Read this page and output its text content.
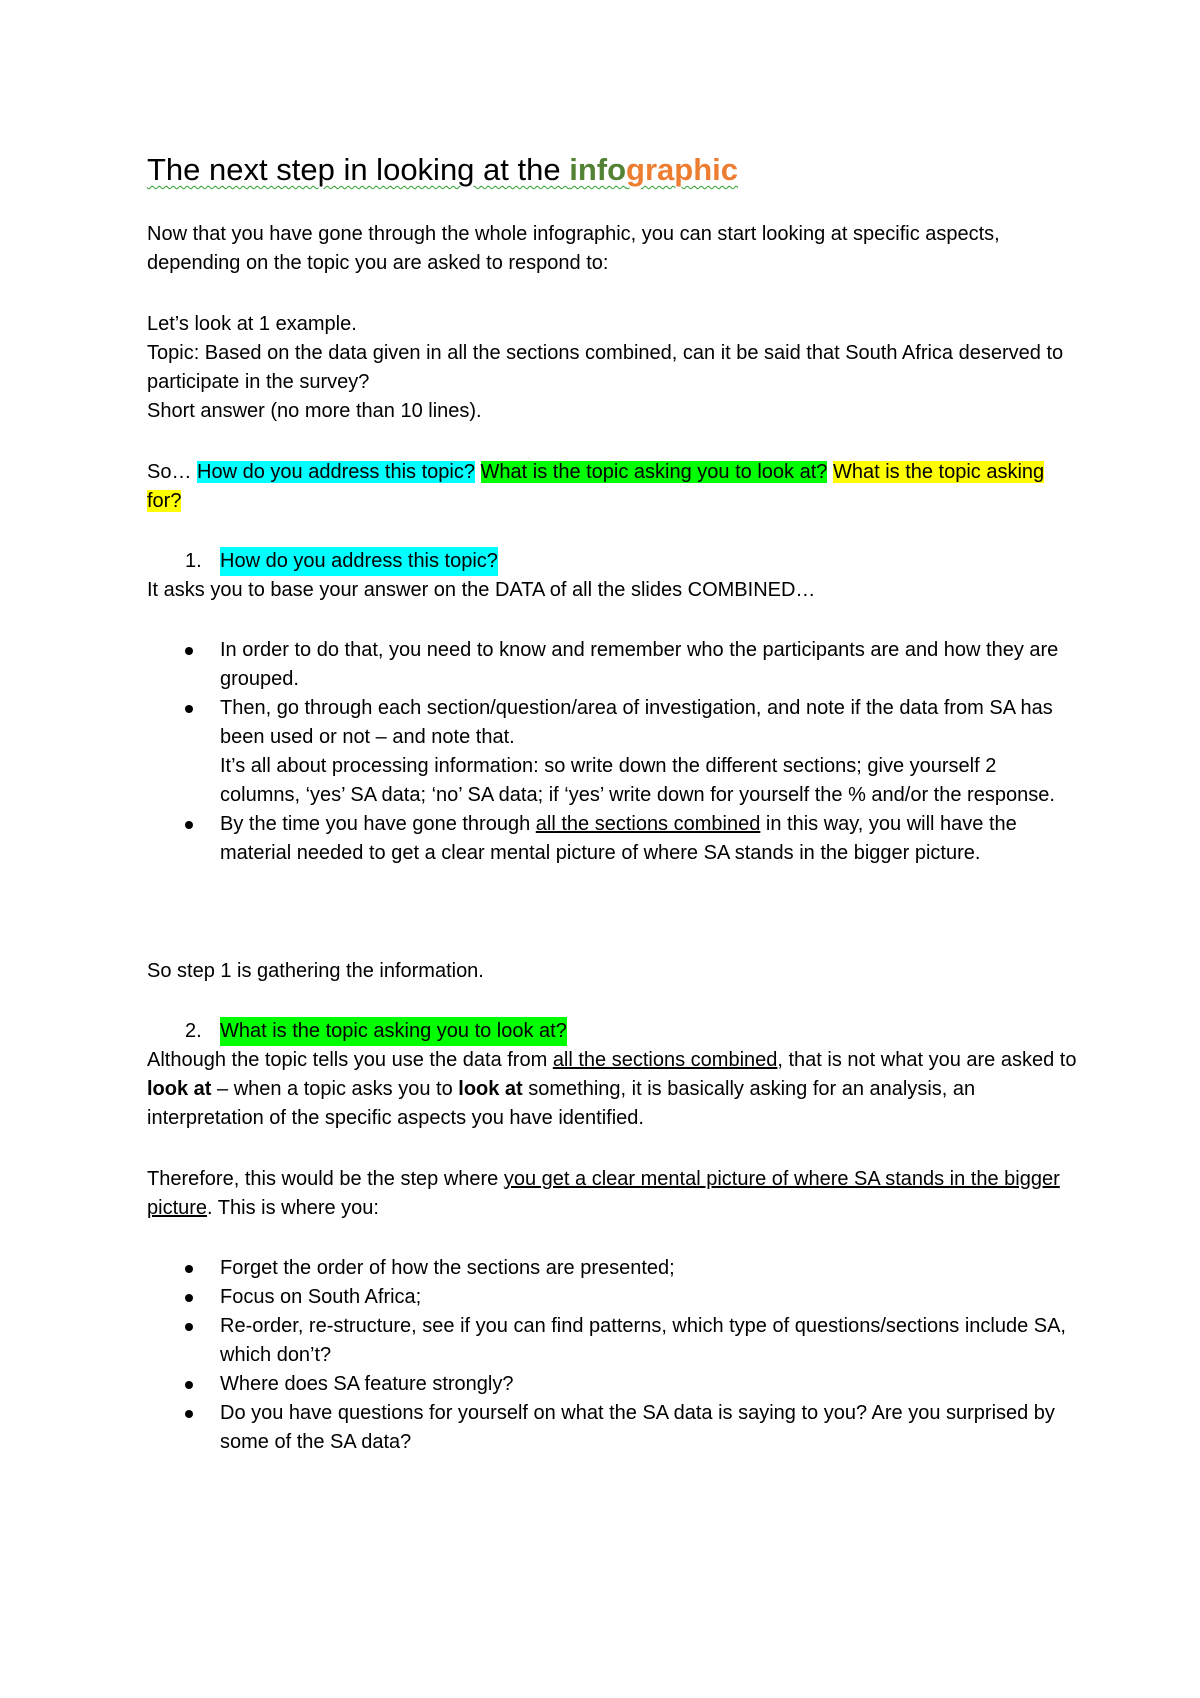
The next step in looking at the infographic
Now that you have gone through the whole infographic, you can start looking at specific aspects, depending on the topic you are asked to respond to:
Let’s look at 1 example.
Topic: Based on the data given in all the sections combined, can it be said that South Africa deserved to participate in the survey?
Short answer (no more than 10 lines).
So… How do you address this topic? What is the topic asking you to look at? What is the topic asking for?
1. How do you address this topic?
It asks you to base your answer on the DATA of all the slides COMBINED…
In order to do that, you need to know and remember who the participants are and how they are grouped.
Then, go through each section/question/area of investigation, and note if the data from SA has been used or not – and note that.
It’s all about processing information: so write down the different sections; give yourself 2 columns, ‘yes’ SA data; ‘no’ SA data; if ‘yes’ write down for yourself the % and/or the response.
By the time you have gone through all the sections combined in this way, you will have the material needed to get a clear mental picture of where SA stands in the bigger picture.
So step 1 is gathering the information.
2. What is the topic asking you to look at?
Although the topic tells you use the data from all the sections combined, that is not what you are asked to look at – when a topic asks you to look at something, it is basically asking for an analysis, an interpretation of the specific aspects you have identified.
Therefore, this would be the step where you get a clear mental picture of where SA stands in the bigger picture. This is where you:
Forget the order of how the sections are presented;
Focus on South Africa;
Re-order, re-structure, see if you can find patterns, which type of questions/sections include SA, which don’t?
Where does SA feature strongly?
Do you have questions for yourself on what the SA data is saying to you? Are you surprised by some of the SA data?
